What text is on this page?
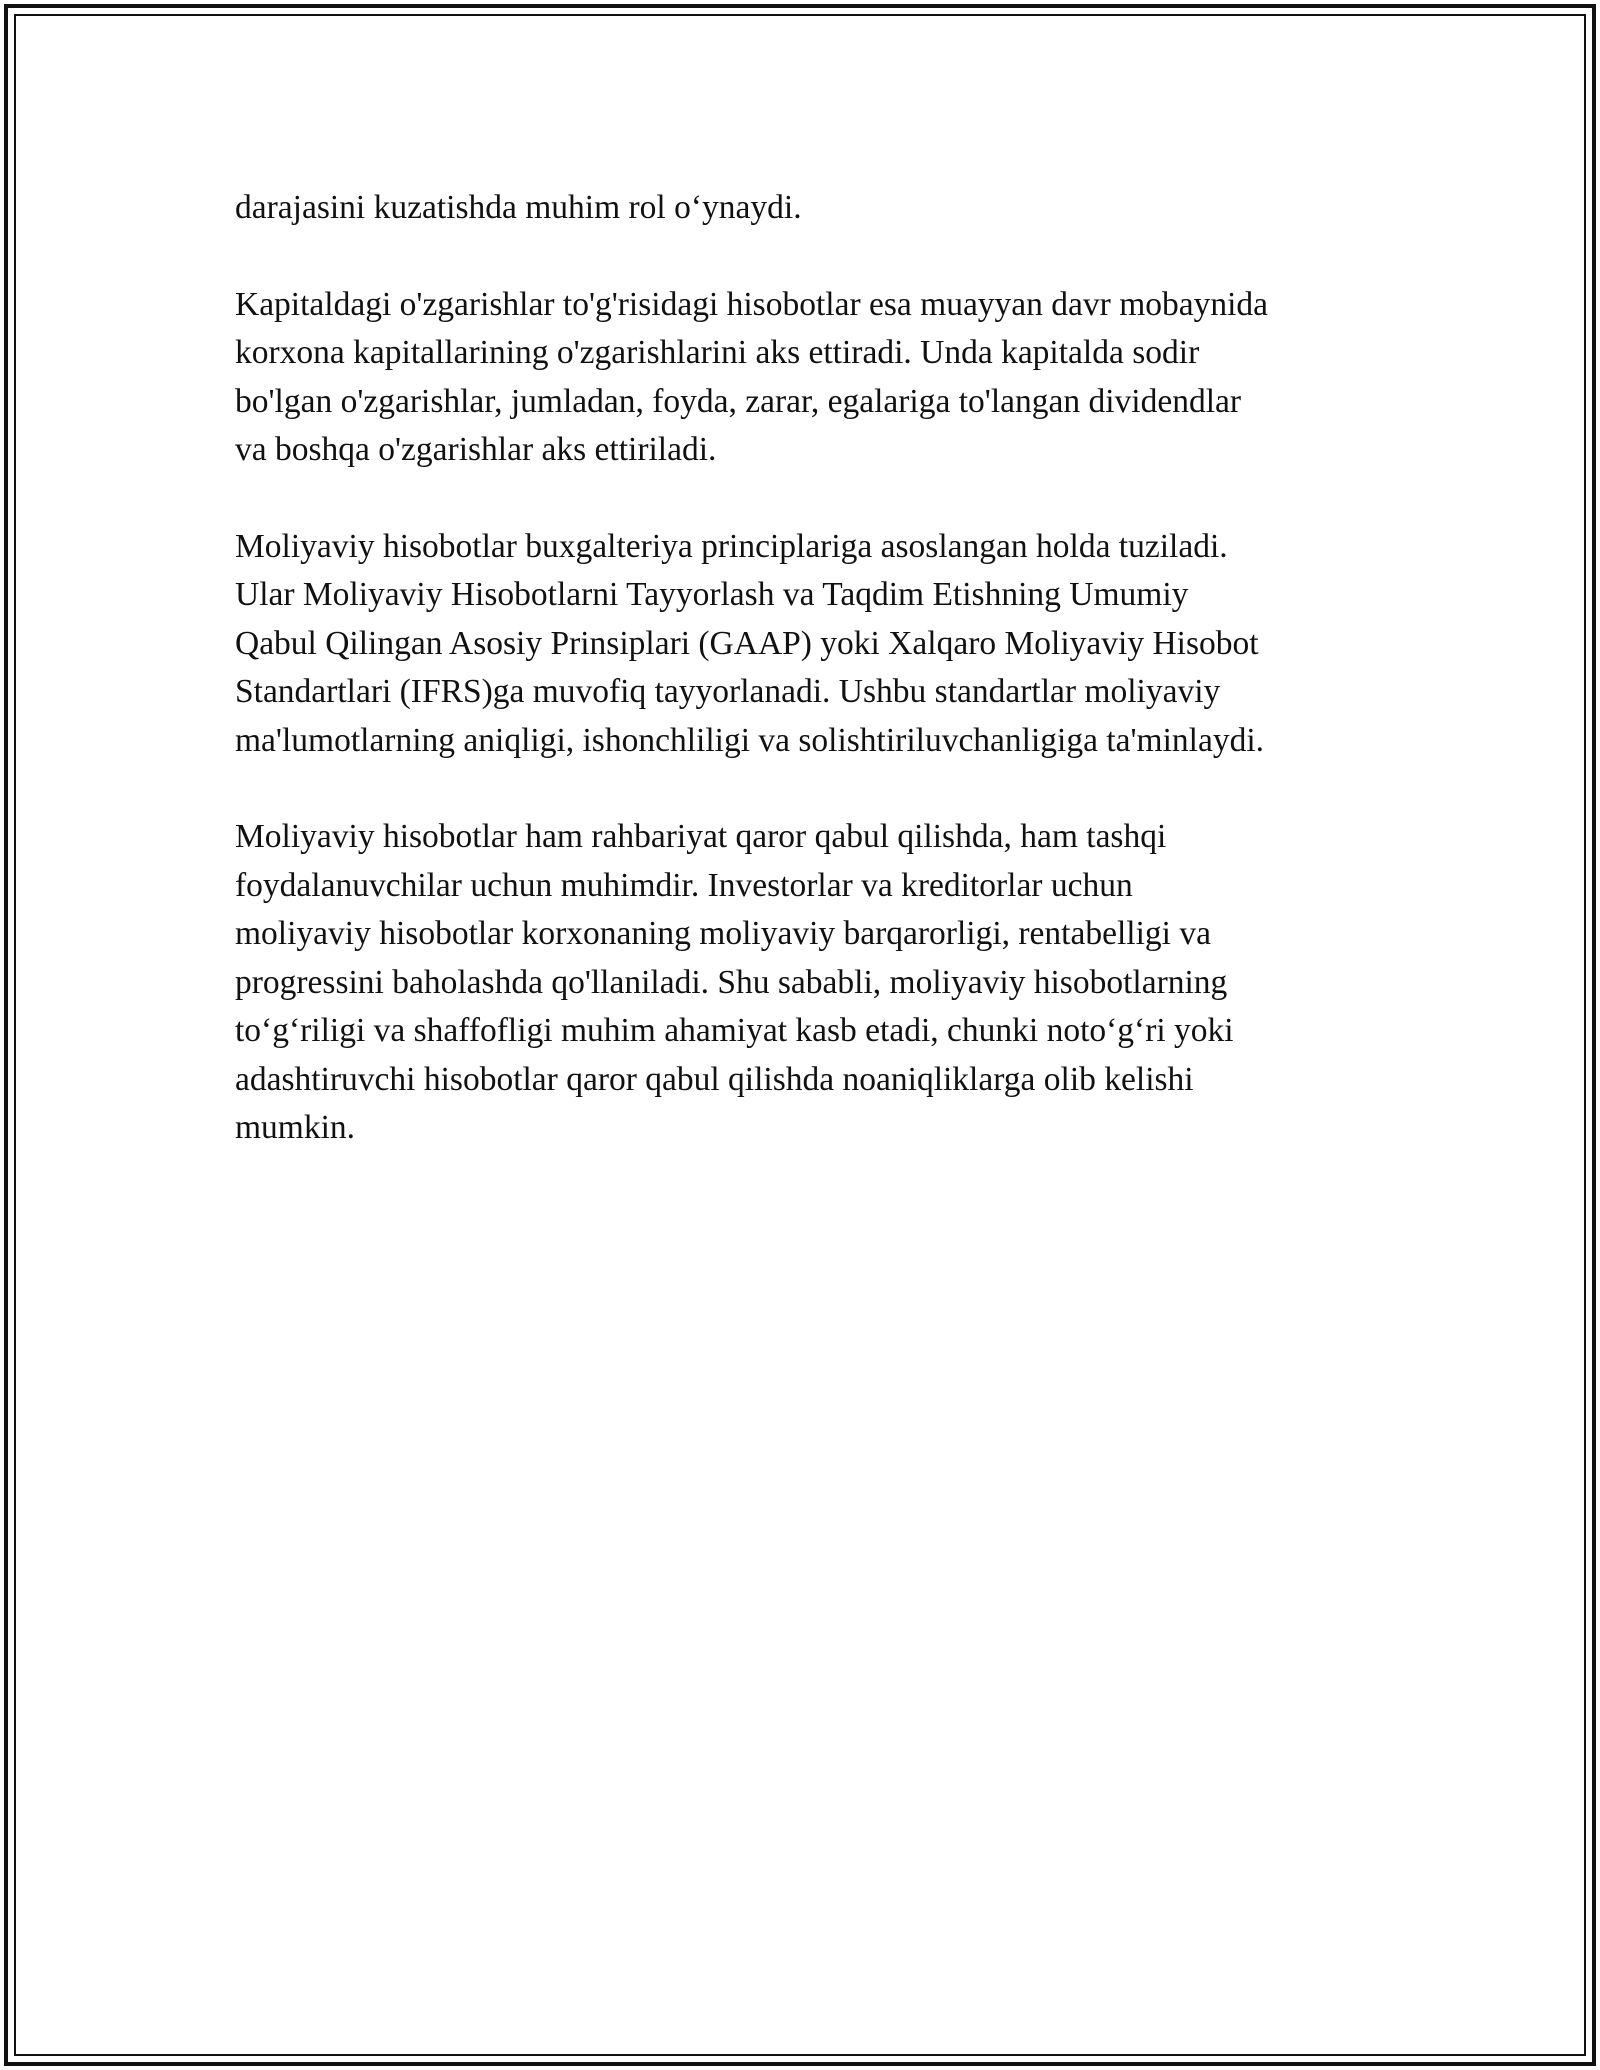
darajasini kuzatishda muhim rol o‘ynaydi.

Kapitaldagi o'zgarishlar to'g'risidagi hisobotlar esa muayyan davr mobaynida
korxona kapitallarining o'zgarishlarini aks ettiradi. Unda kapitalda sodir
bo'lgan o'zgarishlar, jumladan, foyda, zarar, egalariga to'langan dividendlar
va boshqa o'zgarishlar aks ettiriladi.

Moliyaviy hisobotlar buxgalteriya principlariga asoslangan holda tuziladi.
Ular Moliyaviy Hisobotlarni Tayyorlash va Taqdim Etishning Umumiy
Qabul Qilingan Asosiy Prinsiplari (GAAP) yoki Xalqaro Moliyaviy Hisobot
Standartlari (IFRS)ga muvofiq tayyorlanadi. Ushbu standartlar moliyaviy
ma'lumotlarning aniqligi, ishonchliligi va solishtiriluvchanligiga ta'minlaydi.

Moliyaviy hisobotlar ham rahbariyat qaror qabul qilishda, ham tashqi
foydalanuvchilar uchun muhimdir. Investorlar va kreditorlar uchun
moliyaviy hisobotlar korxonaning moliyaviy barqarorligi, rentabelligi va
progressini baholashda qo'llaniladi. Shu sababli, moliyaviy hisobotlarning
to‘g‘riligi va shaffofligi muhim ahamiyat kasb etadi, chunki noto‘g‘ri yoki
adashtiruvchi hisobotlar qaror qabul qilishda noaniqliklarga olib kelishi
mumkin.
